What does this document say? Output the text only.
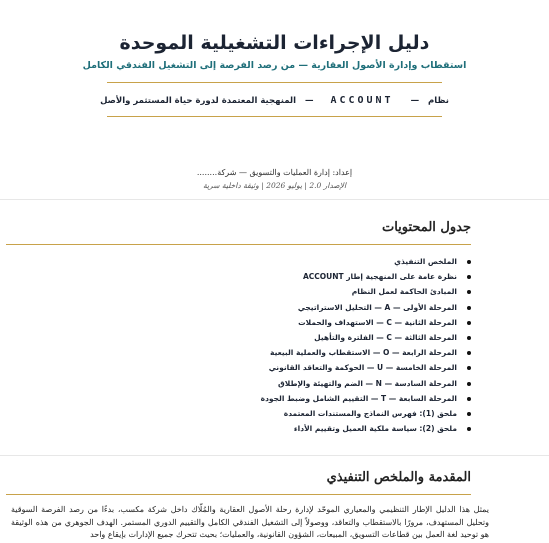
دليل الإجراءات التشغيلية الموحدة

استقطاب وإدارة الأصول العقارية — من رصد الفرصة إلى التشغيل الفندقي الكامل

نظام — ACCOUNT — المنهجية المعتمدة لدورة حياة المستثمر والأصل

إعداد: إدارة العمليات والتسويق — شركة........

الإصدار 2.0 | يوليو 2026 | وثيقة داخلية سرية

جدول المحتويات
الملخص التنفيذي
نظرة عامة على المنهجية إطار ACCOUNT
المبادئ الحاكمة لعمل النظام
المرحلة الأولى — A — التحليل الاستراتيجي
المرحلة الثانية — C — الاستهداف والحملات
المرحلة الثالثة — C — الفلترة والتأهيل
المرحلة الرابعة — O — الاستقطاب والعملية البيعية
المرحلة الخامسة — U — الحوكمة والتعاقد القانوني
المرحلة السادسة — N — الضم والتهيئة والإطلاق
المرحلة السابعة — T — التقييم الشامل وضبط الجودة
ملحق (1): فهرس النماذج والمستندات المعتمدة
ملحق (2): سياسة ملكية العميل وتقييم الأداء
المقدمة والملخص التنفيذي

يمثل هذا الدليل الإطار التنظيمي والمعياري الموحّد لإدارة رحلة الأصول العقارية والمُلّاك داخل شركة مكسب، بدءًا من رصد الفرصة السوقية وتحليل المستهدف، مرورًا بالاستقطاب والتعاقد، ووصولاً إلى التشغيل الفندقي الكامل والتقييم الدوري المستمر. الهدف الجوهري من هذه الوثيقة هو توحيد لغة العمل بين قطاعات التسويق، المبيعات، الشؤون القانونية، والعمليات؛ بحيث تتحرك جميع الإدارات بإيقاع واحد
